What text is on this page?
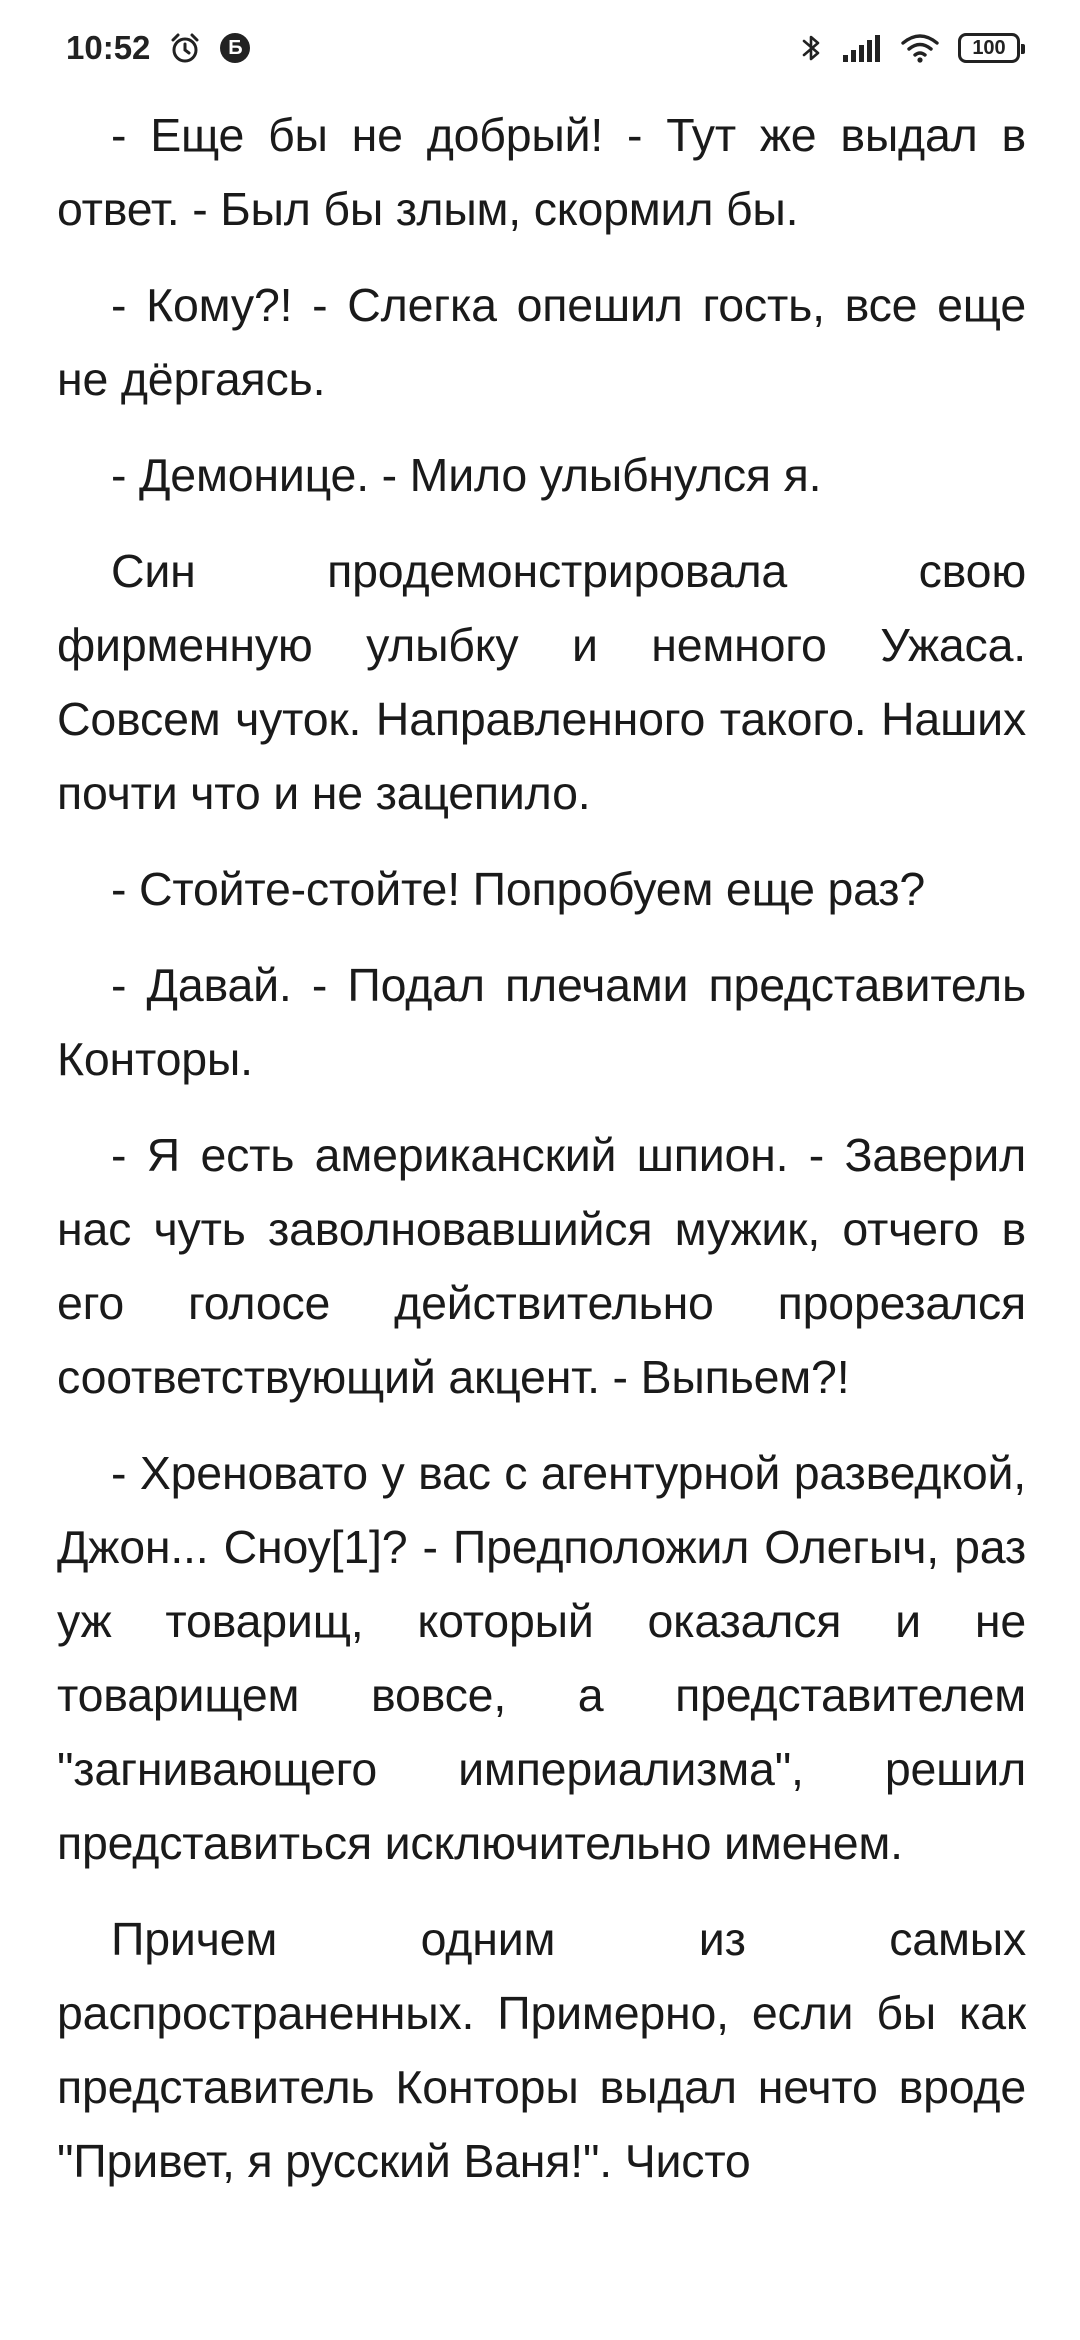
10:52	Б	100

- Еще бы не добрый! - Тут же выдал в ответ. - Был бы злым, скормил бы.

- Кому?! - Слегка опешил гость, все еще не дёргаясь.

- Демонице. - Мило улыбнулся я.

Син продемонстрировала свою фирменную улыбку и немного Ужаса. Совсем чуток. Направленного такого. Наших почти что и не зацепило.

- Стойте-стойте! Попробуем еще раз?

- Давай. - Подал плечами представитель Конторы.

- Я есть американский шпион. - Заверил нас чуть заволновавшийся мужик, отчего в его голосе действительно прорезался соответствующий акцент. - Выпьем?!

- Хреновато у вас с агентурной разведкой, Джон... Сноу[1]? - Предположил Олегыч, раз уж товарищ, который оказался и не товарищем вовсе, а представителем "загнивающего империализма", решил представиться исключительно именем.

Причем одним из самых распространенных. Примерно, если бы как представитель Конторы выдал нечто вроде "Привет, я русский Ваня!". Чисто
